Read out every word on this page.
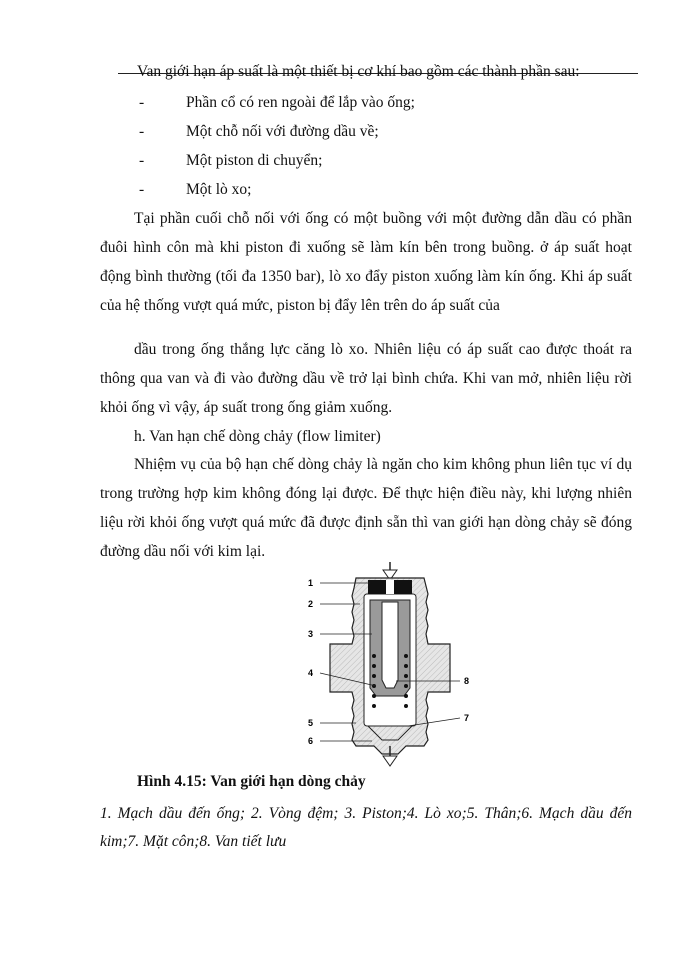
Van giới hạn áp suất là một thiết bị cơ khí bao gồm các thành phần sau:
-	Phần cổ có ren ngoài để lắp vào ống;
-	Một chỗ nối với đường dầu về;
-	Một piston di chuyển;
-	Một lò xo;
Tại phần cuối chỗ nối với ống có một buồng với một đường dẫn dầu có phần đuôi hình côn mà khi piston đi xuống sẽ làm kín bên trong buồng. ở áp suất hoạt động bình thường (tối đa 1350 bar), lò xo đẩy piston xuống làm kín ống. Khi áp suất của hệ thống vượt quá mức, piston bị đẩy lên trên do áp suất của
dầu trong ống thắng lực căng lò xo. Nhiên liệu có áp suất cao được thoát ra thông qua van và đi vào đường dầu về trở lại bình chứa. Khi van mở, nhiên liệu rời khỏi ống vì vậy, áp suất trong ống giảm xuống.
h. Van hạn chế dòng chảy (flow limiter)
Nhiệm vụ của bộ hạn chế dòng chảy là ngăn cho kim không phun liên tục ví dụ trong trường hợp kim không đóng lại được. Để thực hiện điều này, khi lượng nhiên liệu rời khỏi ống vượt quá mức đã được định sẵn thì van giới hạn dòng chảy sẽ đóng đường dầu nối với kim lại.
1
2
3
4
5
6
7
8
Hình 4.15: Van giới hạn dòng chảy
1. Mạch dầu đến ống; 2. Vòng đệm; 3. Piston;4. Lò xo;5. Thân;6. Mạch dầu đến kim;7. Mặt côn;8. Van tiết lưu
